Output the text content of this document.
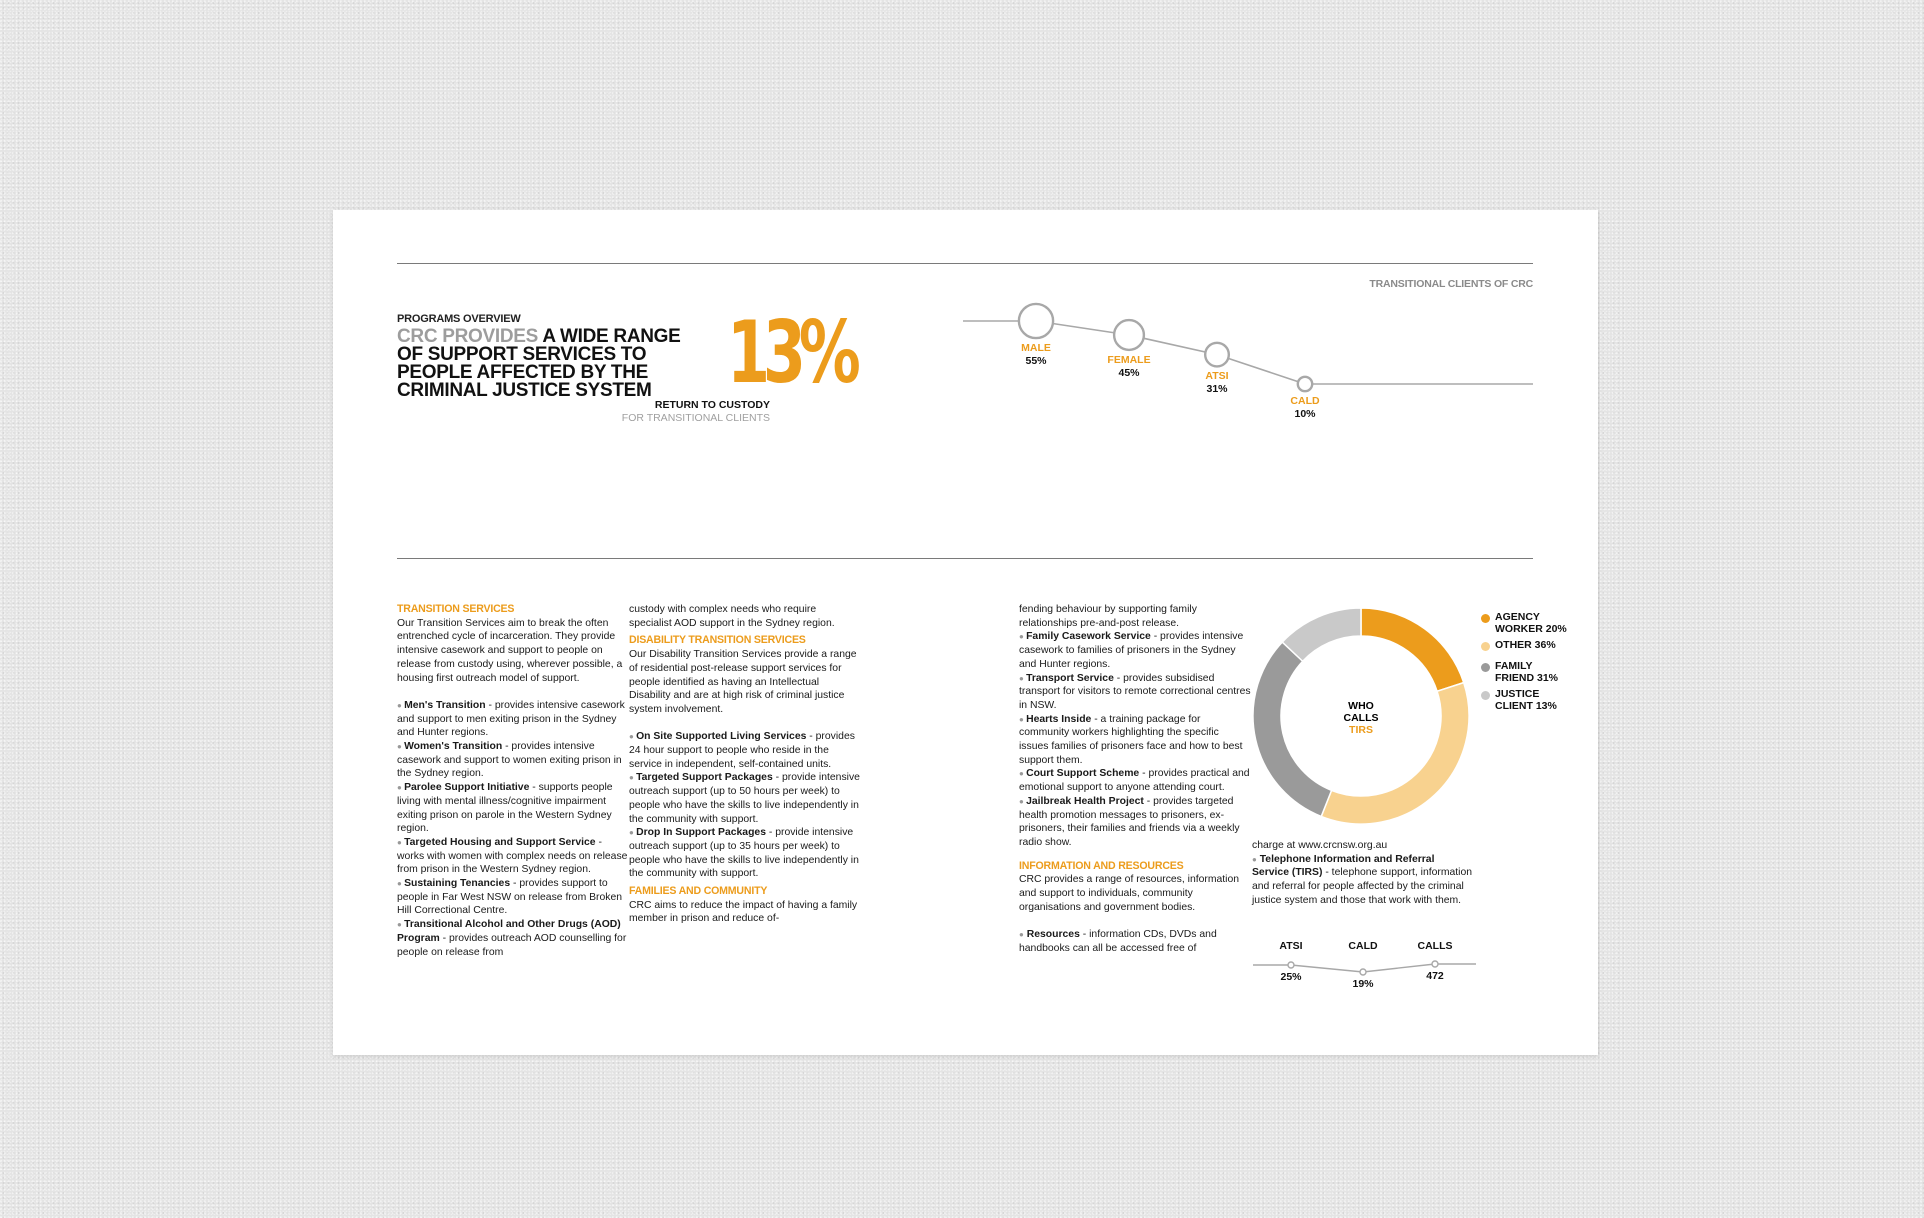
PROGRAMS OVERVIEW
CRC PROVIDES A WIDE RANGE OF SUPPORT SERVICES TO PEOPLE AFFECTED BY THE CRIMINAL JUSTICE SYSTEM 13%
RETURN TO CUSTODY
FOR TRANSITIONAL CLIENTS
TRANSITIONAL CLIENTS OF CRC
MALE
55%	FEMALE
45%	ATSI
31%
CALD
10%

TRANSITION SERVICES

Our Transition Services aim to break the often entrenched cycle of incarceration. They provide intensive casework and support to people on release from custody using, wherever possible, a housing first outreach model of support.

● Men's Transition - provides intensive casework and support to men exiting prison in the Sydney and Hunter regions.

● Women's Transition - provides intensive casework and support to women exiting prison in the Sydney region.

● Parolee Support Initiative - supports people living with mental illness/cognitive impairment exiting prison on parole in the Western Sydney region.

● Targeted Housing and Support Service - works with women with complex needs on release from prison in the Western Sydney region.

● Sustaining Tenancies - provides support to people in Far West NSW on release from Broken Hill Correctional Centre.

● Transitional Alcohol and Other Drugs (AOD) Program - provides outreach AOD counselling for people on release from

custody with complex needs who require specialist AOD support in the Sydney region.

DISABILITY TRANSITION SERVICES

Our Disability Transition Services provide a range of residential post-release support services for people identified as having an Intellectual Disability and are at high risk of criminal justice system involvement.

● On Site Supported Living Services - provides 24 hour support to people who reside in the service in independent, self-contained units.

● Targeted Support Packages - provide intensive outreach support (up to 50 hours per week) to people who have the skills to live independently in the community with support.

● Drop In Support Packages - provide intensive outreach support (up to 35 hours per week) to people who have the skills to live independently in the community with support.

FAMILIES AND COMMUNITY

CRC aims to reduce the impact of having a family member in prison and reduce of-

fending behaviour by supporting family relationships pre-and-post release.

● Family Casework Service - provides intensive casework to families of prisoners in the Sydney and Hunter regions.

● Transport Service - provides subsidised transport for visitors to remote correctional centres in NSW.

● Hearts Inside - a training package for community workers highlighting the specific issues families of prisoners face and how to best support them.

● Court Support Scheme - provides practical and emotional support to anyone attending court.

● Jailbreak Health Project - provides targeted health promotion messages to prisoners, ex-prisoners, their families and friends via a weekly radio show.

INFORMATION AND RESOURCES

CRC provides a range of resources, information and support to individuals, community organisations and government bodies.

● Resources - information CDs, DVDs and handbooks can all be accessed free of

charge at www.crcnsw.org.au

● Telephone Information and Referral Service (TIRS) - telephone support, information and referral for people affected by the criminal justice system and those that work with them.

WHO
CALLS
TIRS
AGENCY
WORKER 20%
OTHER 36%
FAMILY
FRIEND 31%
JUSTICE
CLIENT 13%
ATSI
25%
CALD
19%
CALLS
472
